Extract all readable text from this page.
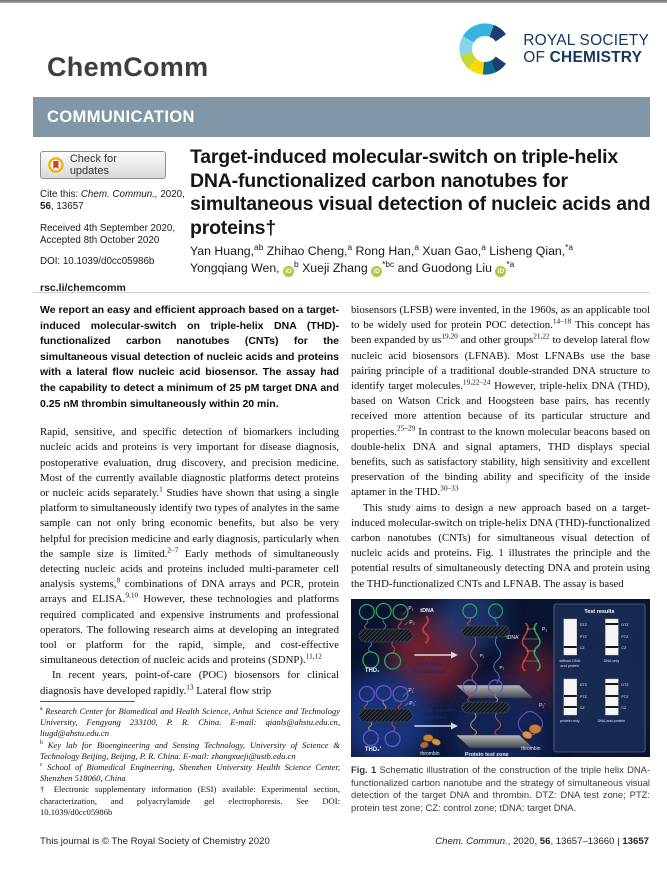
ChemComm
ROYAL SOCIETY
OF CHEMISTRY
COMMUNICATION
Check for updates
Cite this: Chem. Commun., 2020,
56, 13657
Received 4th September 2020,
Accepted 8th October 2020
DOI: 10.1039/d0cc05986b
rsc.li/chemcomm
Target-induced molecular-switch on triple-helix DNA-functionalized carbon nanotubes for simultaneous visual detection of nucleic acids and proteins†
Yan Huang,$^{ab}$ Zhihao Cheng,$^a$ Rong Han,$^a$ Xuan Gao,$^a$ Lisheng Qian,$^{*a}$
Yongqiang Wen, $iD^b$ Xueji Zhang $iD^{*bc}$ and Guodong Liu $iD^{*a}$
We report an easy and efficient approach based on a target-induced molecular-switch on triple-helix DNA (THD)-functionalized carbon nanotubes (CNTs) for the simultaneous visual detection of nucleic acids and proteins with a lateral flow nucleic acid biosensor. The assay had the capability to detect a minimum of 25 pM target DNA and 0.25 nM thrombin simultaneously within 20 min.

Rapid, sensitive, and specific detection of biomarkers including nucleic acids and proteins is very important for disease diagnosis, postoperative evaluation, drug discovery, and precision medicine. Most of the currently available diagnostic platforms detect proteins or nucleic acids separately.$^1$ Studies have shown that using a single platform to simultaneously identify two types of analytes in the same sample can not only bring economic benefits, but also be very helpful for precision medicine and early diagnosis, particularly when the sample size is limited.$^{2-7}$ Early methods of simultaneously detecting nucleic acids and proteins included multi-parameter cell analysis systems,$^8$ combinations of DNA arrays and PCR, protein arrays and ELISA.$^{9,10}$ However, these technologies and platforms required complicated and expensive instruments and professional operators. The following research aims at developing an integrated tool or platform for the rapid, simple, and cost-effective simultaneous detection of nucleic acids and proteins (SDNP).$^{11,12}$

In recent years, point-of-care (POC) biosensors for clinical diagnosis have developed rapidly.$^{13}$ Lateral flow strip

biosensors (LFSB) were invented, in the 1960s, as an applicable tool to be widely used for protein POC detection.$^{14-18}$ This concept has been expanded by us$^{19,20}$ and other groups$^{21,22}$ to develop lateral flow nucleic acid biosensors (LFNAB). Most LFNABs use the base pairing principle of a traditional double-stranded DNA structure to identify target molecules.$^{19,22-24}$ However, triple-helix DNA (THD), based on Watson Crick and Hoogsteen base pairs, has recently received more attention because of its particular structure and properties.$^{25-29}$ In contrast to the known molecular beacons based on double-helix DNA and signal aptamers, THD displays special benefits, such as satisfactory stability, high sensitivity and excellent preservation of the binding ability and specificity of the inside aptamer in the THD.$^{30-33}$

This study aims to design a new approach based on a target-induced molecular-switch on triple-helix DNA (THD)-functionalized carbon nanotubes (CNTs) for simultaneous visual detection of nucleic acids and proteins. Fig. 1 illustrates the principle and the potential results of simultaneously detecting DNA and protein using the THD-functionalized CNTs and LFNAB. The assay is based

P₁
P₂
THD₁
tDNA
DNA-DNA
hybridization
P₁
P₂
tDNA′
P₂
P₁′
P₂′
THD₂′
Aptamer-protein
interaction
thrombin	Protein test zone
P₂′
thrombin
Test results
DTZ
PTZ
CZ
without DNA
and protein
DTZ
PTZ
CZ
DNA only
DTZ
PTZ
CZ
protein only
DTZ
PTZ
CZ
DNA and protein
Fig. 1 Schematic illustration of the construction of the triple helix DNA-functionalized carbon nanotube and the strategy of simultaneous visual detection of the target DNA and thrombin. DTZ: DNA test zone; PTZ: protein test zone; CZ: control zone; tDNA: target DNA.
$^a$ Research Center for Biomedical and Health Science, Anhui Science and Technology University, Fengyang 233100, P. R. China. E-mail: qianls@ahstu.edu.cn, liugd@ahstu.edu.cn
$^b$ Key lab for Bioengineering and Sensing Technology, University of Science & Technology Beijing, Beijing, P. R. China. E-mail: zhangxueji@ustb.edu.cn
$^c$ School of Biomedical Engineering, Shenzhen University Health Science Center, Shenzhen 518060, China
† Electronic supplementary information (ESI) available: Experimental section, characterization, and polyacrylamide gel electrophoresis. See DOI: 10.1039/d0cc05986b
This journal is © The Royal Society of Chemistry 2020	Chem. Commun., 2020, 56, 13657–13660 | 13657
